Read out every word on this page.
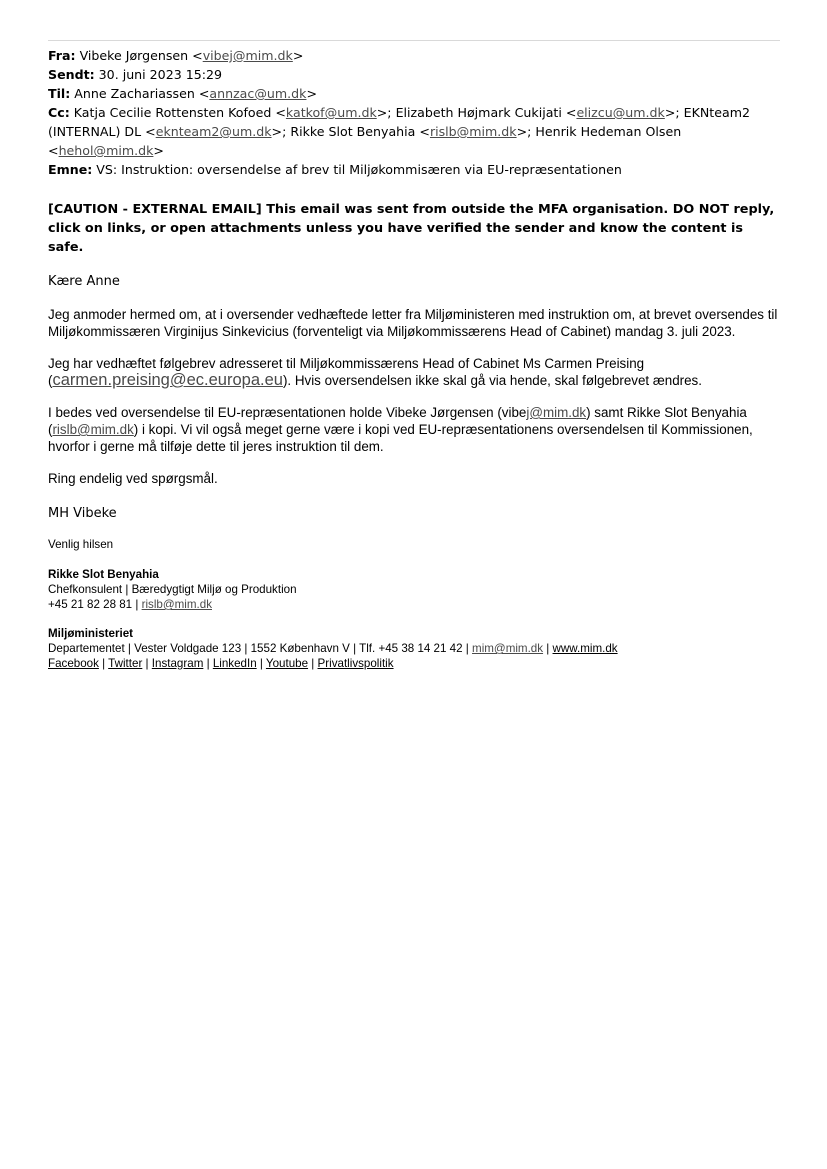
Fra: Vibeke Jørgensen <vibej@mim.dk>
Sendt: 30. juni 2023 15:29
Til: Anne Zachariassen <annzac@um.dk>
Cc: Katja Cecilie Rottensten Kofoed <katkof@um.dk>; Elizabeth Højmark Cukijati <elizcu@um.dk>; EKNteam2 (INTERNAL) DL <eknteam2@um.dk>; Rikke Slot Benyahia <rislb@mim.dk>; Henrik Hedeman Olsen <hehol@mim.dk>
Emne: VS: Instruktion: oversendelse af brev til Miljøkommisæren via EU-repræsentationen
[CAUTION - EXTERNAL EMAIL] This email was sent from outside the MFA organisation. DO NOT reply, click on links, or open attachments unless you have verified the sender and know the content is safe.
Kære Anne
Jeg anmoder hermed om, at i oversender vedhæftede letter fra Miljøministeren med instruktion om, at brevet oversendes til Miljøkommissæren Virginijus Sinkevicius (forventeligt via Miljøkommissærens Head of Cabinet) mandag 3. juli 2023.
Jeg har vedhæftet følgebrev adresseret til Miljøkommissærens Head of Cabinet Ms Carmen Preising (carmen.preising@ec.europa.eu). Hvis oversendelsen ikke skal gå via hende, skal følgebrevet ændres.
I bedes ved oversendelse til EU-repræsentationen holde Vibeke Jørgensen (vibej@mim.dk) samt Rikke Slot Benyahia (rislb@mim.dk) i kopi. Vi vil også meget gerne være i kopi ved EU-repræsentationens oversendelsen til Kommissionen, hvorfor i gerne må tilføje dette til jeres instruktion til dem.
Ring endelig ved spørgsmål.
MH Vibeke
Venlig hilsen
Rikke Slot Benyahia
Chefkonsulent | Bæredygtigt Miljø og Produktion
+45 21 82 28 81 | rislb@mim.dk
Miljøministeriet
Departementet | Vester Voldgade 123 | 1552 København V | Tlf. +45 38 14 21 42 | mim@mim.dk | www.mim.dk
Facebook | Twitter | Instagram | LinkedIn | Youtube | Privatlivspolitik
